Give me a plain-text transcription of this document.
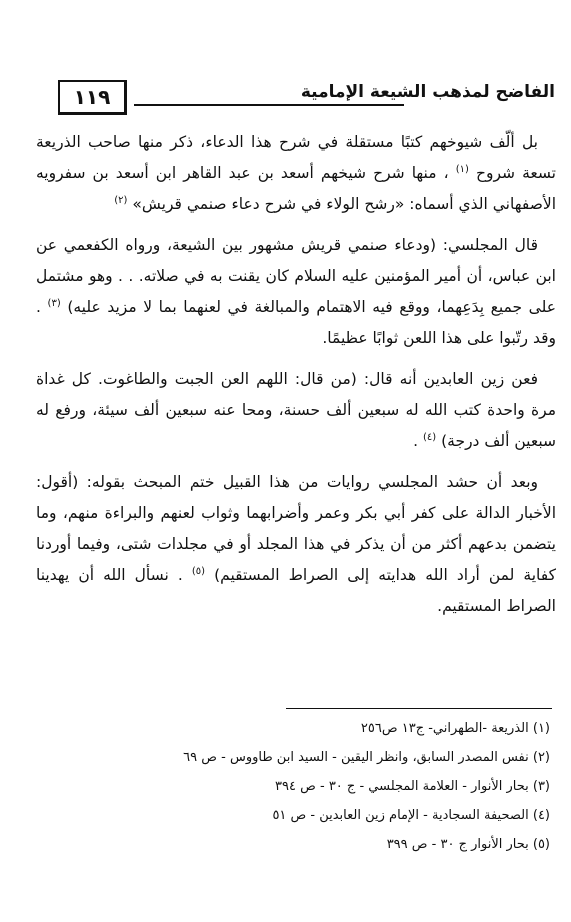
١١٩	الفاضح لمذهب الشيعة الإمامية

بل ألّف شيوخهم كتبًا مستقلة في شرح هذا الدعاء، ذكر منها صاحب الذريعة تسعة شروح $^{(١)}$ ، منها شرح شيخهم أسعد بن عبد القاهر ابن أسعد بن سفرويه الأصفهاني الذي أسماه: «رشح الولاء في شرح دعاء صنمي قريش» $^{(٢)}$

قال المجلسي: (ودعاء صنمي قريش مشهور بين الشيعة، ورواه الكفعمي عن ابن عباس، أن أمير المؤمنين عليه السلام كان يقنت به في صلاته. . . وهو مشتمل على جميع بِدَعِهما، ووقع فيه الاهتمام والمبالغة في لعنهما بما لا مزيد عليه) $^{(٣)}$ . وقد رتّبوا على هذا اللعن ثوابًا عظيمًا.

فعن زين العابدين أنه قال: (من قال: اللهم العن الجبت والطاغوت. كل غداة مرة واحدة كتب الله له سبعين ألف حسنة، ومحا عنه سبعين ألف سيئة، ورفع له سبعين ألف درجة) $^{(٤)}$ .

وبعد أن حشد المجلسي روايات من هذا القبيل ختم المبحث بقوله: (أقول: الأخبار الدالة على كفر أبي بكر وعمر وأضرابهما وثواب لعنهم والبراءة منهم، وما يتضمن بدعهم أكثر من أن يذكر في هذا المجلد أو في مجلدات شتى، وفيما أوردنا كفاية لمن أراد الله هدايته إلى الصراط المستقيم) $^{(٥)}$ . نسأل الله أن يهدينا الصراط المستقيم.

(١) الذريعة -الطهراني- ج١٣ ص٢٥٦
(٢) نفس المصدر السابق، وانظر اليقين - السيد ابن طاووس - ص ٦٩
(٣) بحار الأنوار - العلامة المجلسي - ج ٣٠ - ص ٣٩٤
(٤) الصحيفة السجادية - الإمام زين العابدين - ص ٥١
(٥) بحار الأنوار ج ٣٠ - ص ٣٩٩
